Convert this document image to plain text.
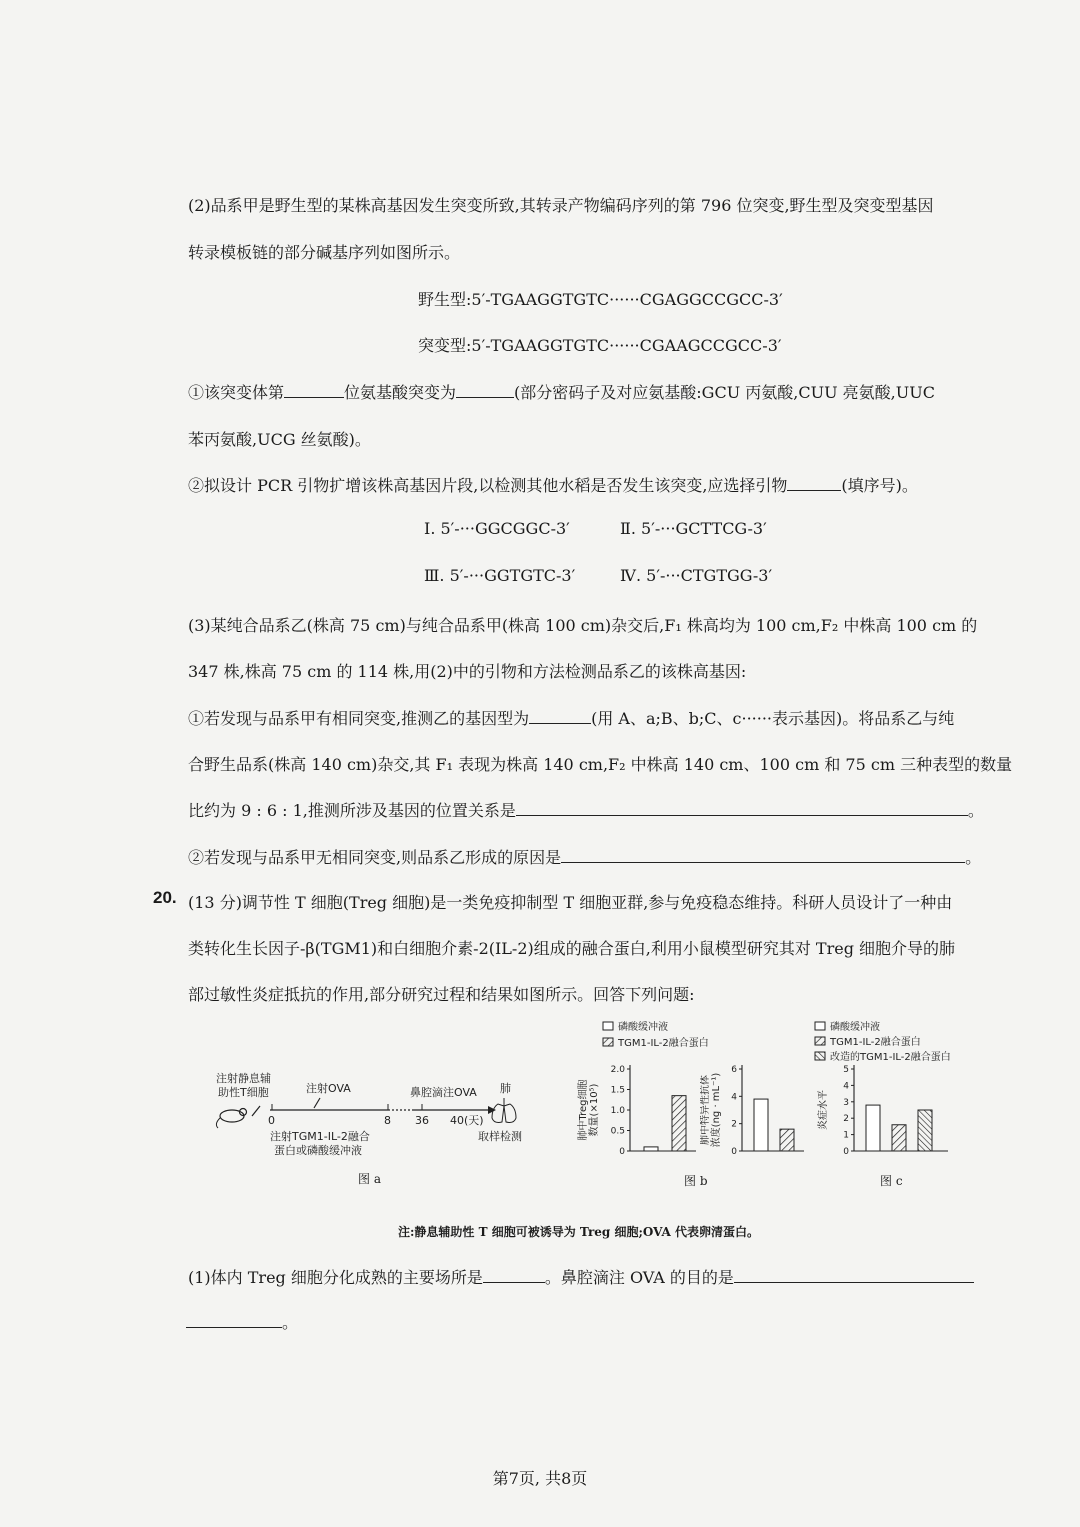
(2)品系甲是野生型的某株高基因发生突变所致,其转录产物编码序列的第 796 位突变,野生型及突变型基因
转录模板链的部分碱基序列如图所示。
野生型:5′-TGAAGGTGTC······CGAGGCCGCC-3′
突变型:5′-TGAAGGTGTC······CGAAGCCGCC-3′
①该突变体第	位氨基酸突变为	(部分密码子及对应氨基酸:GCU 丙氨酸,CUU 亮氨酸,UUC
苯丙氨酸,UCG 丝氨酸)。
②拟设计 PCR 引物扩增该株高基因片段,以检测其他水稻是否发生该突变,应选择引物	(填序号)。
Ⅰ. 5′-···GGCGGC-3′	Ⅱ. 5′-···GCTTCG-3′
Ⅲ. 5′-···GGTGTC-3′	Ⅳ. 5′-···CTGTGG-3′
(3)某纯合品系乙(株高 75 cm)与纯合品系甲(株高 100 cm)杂交后,F₁ 株高均为 100 cm,F₂ 中株高 100 cm 的
347 株,株高 75 cm 的 114 株,用(2)中的引物和方法检测品系乙的该株高基因:
①若发现与品系甲有相同突变,推测乙的基因型为	(用 A、a;B、b;C、c······表示基因)。将品系乙与纯
合野生品系(株高 140 cm)杂交,其 F₁ 表现为株高 140 cm,F₂ 中株高 140 cm、100 cm 和 75 cm 三种表型的数量
比约为 9 : 6 : 1,推测所涉及基因的位置关系是	。
②若发现与品系甲无相同突变,则品系乙形成的原因是	。
20. (13 分)调节性 T 细胞(Treg 细胞)是一类免疫抑制型 T 细胞亚群,参与免疫稳态维持。科研人员设计了一种由
类转化生长因子-β(TGM1)和白细胞介素-2(IL-2)组成的融合蛋白,利用小鼠模型研究其对 Treg 细胞介导的肺
部过敏性炎症抵抗的作用,部分研究过程和结果如图所示。回答下列问题:
注射静息辅
助性T细胞	注射OVA	鼻腔滴注OVA 肺
0	8 36 40(天)
注射TGM1-IL-2融合
蛋白或磷酸缓冲液
取样检测
图 a
磷酸缓冲液
TGM1-IL-2融合蛋白
0
0.5
1.0
1.5
2.0
肺中Treg细胞 数量(×10⁵)
0
2
4
6
肺中特异性抗体 浓度(ng · mL⁻¹)
图 b
磷酸缓冲液
TGM1-IL-2融合蛋白
改造的TGM1-IL-2融合蛋白
0
1
2
3
4
5
炎症水平
图 c
注:静息辅助性 T 细胞可被诱导为 Treg 细胞;OVA 代表卵清蛋白。
(1)体内 Treg 细胞分化成熟的主要场所是	。鼻腔滴注 OVA 的目的是
。
第7页, 共8页
